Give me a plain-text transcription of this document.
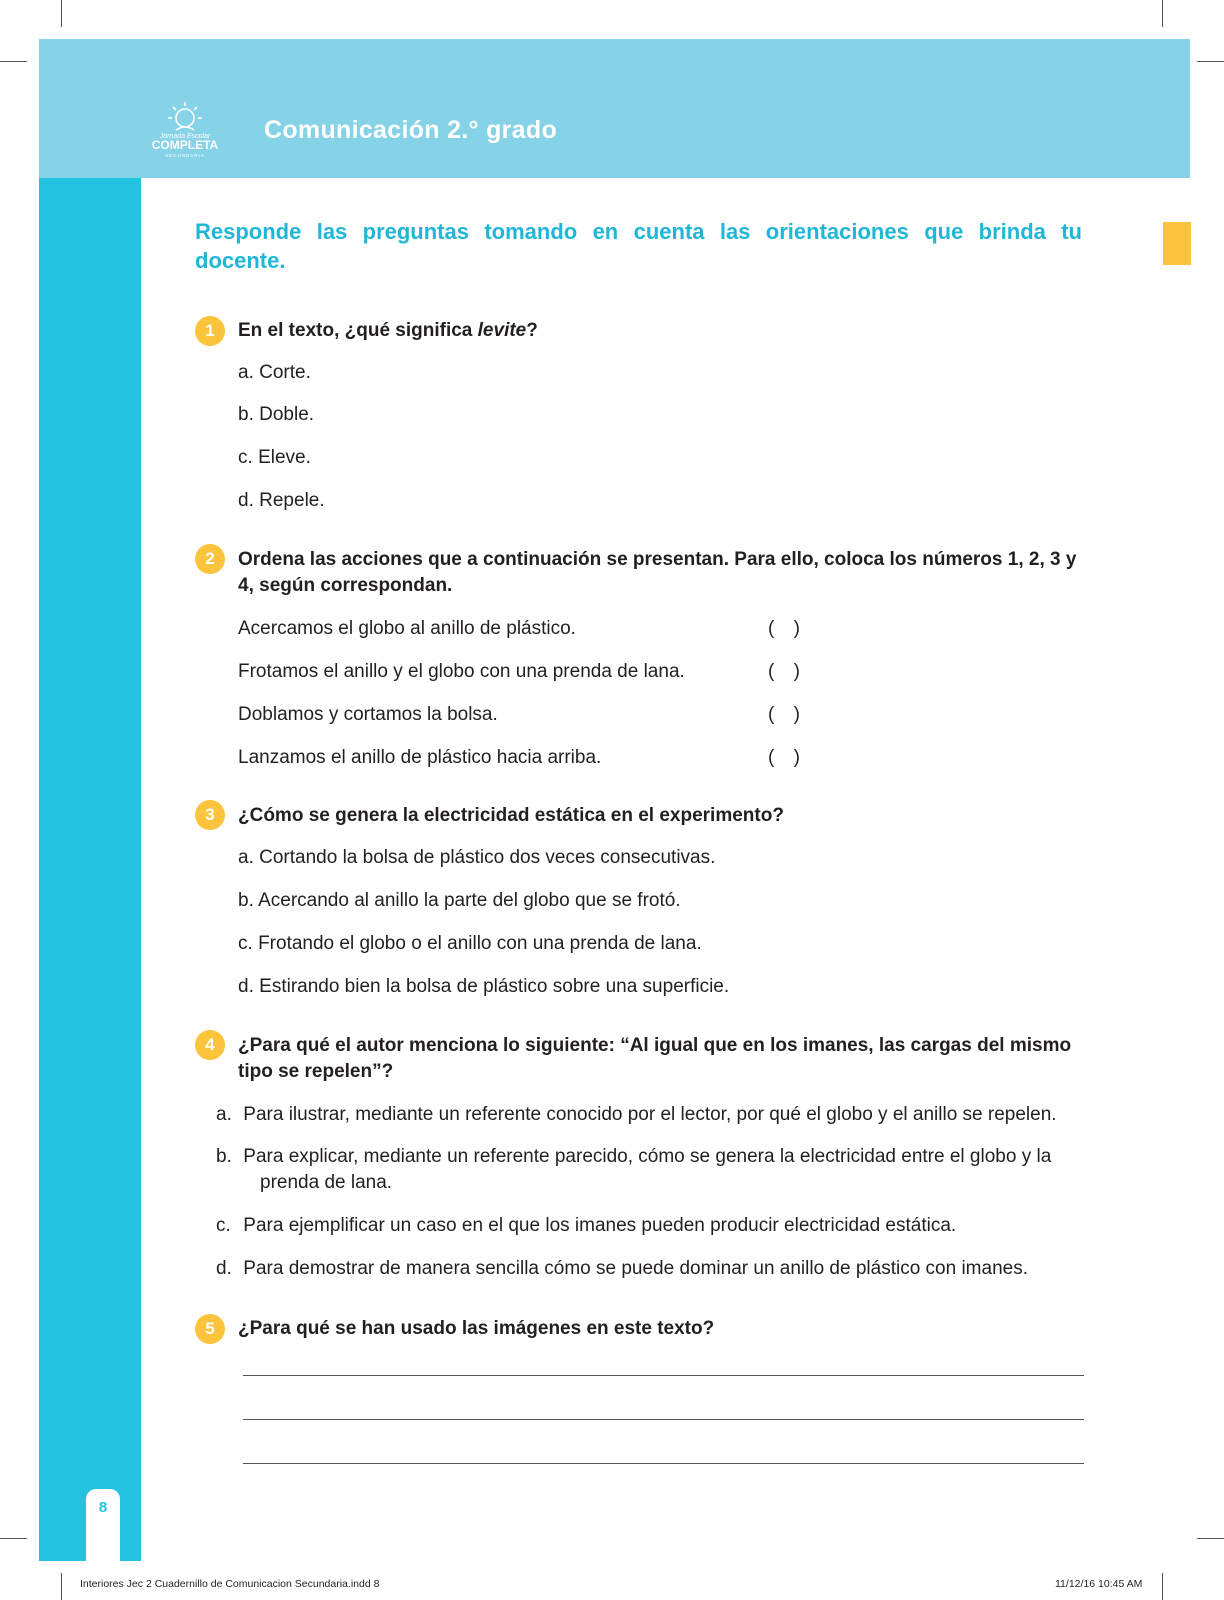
Jornada Escolar
COMPLETA
SECUNDARIA
Comunicación 2.° grado
Responde las preguntas tomando en cuenta las orientaciones que brinda tu docente.
1	En el texto, ¿qué significa levite?
a. Corte.
b. Doble.
c. Eleve.
d. Repele.
2	Ordena las acciones que a continuación se presentan. Para ello, coloca los números 1, 2, 3 y 4, según correspondan.
Acercamos el globo al anillo de plástico.	( )
Frotamos el anillo y el globo con una prenda de lana.	( )
Doblamos y cortamos la bolsa.	( )
Lanzamos el anillo de plástico hacia arriba.	( )
3	¿Cómo se genera la electricidad estática en el experimento?
a. Cortando la bolsa de plástico dos veces consecutivas.
b. Acercando al anillo la parte del globo que se frotó.
c. Frotando el globo o el anillo con una prenda de lana.
d. Estirando bien la bolsa de plástico sobre una superficie.
4	¿Para qué el autor menciona lo siguiente: “Al igual que en los imanes, las cargas del mismo tipo se repelen”?
a. Para ilustrar, mediante un referente conocido por el lector, por qué el globo y el anillo se repelen.
b. Para explicar, mediante un referente parecido, cómo se genera la electricidad entre el globo y la prenda de lana.
c. Para ejemplificar un caso en el que los imanes pueden producir electricidad estática.
d. Para demostrar de manera sencilla cómo se puede dominar un anillo de plástico con imanes.
5	¿Para qué se han usado las imágenes en este texto?
8
Interiores Jec 2 Cuadernillo de Comunicacion Secundaria.indd 8	11/12/16 10:45 AM
